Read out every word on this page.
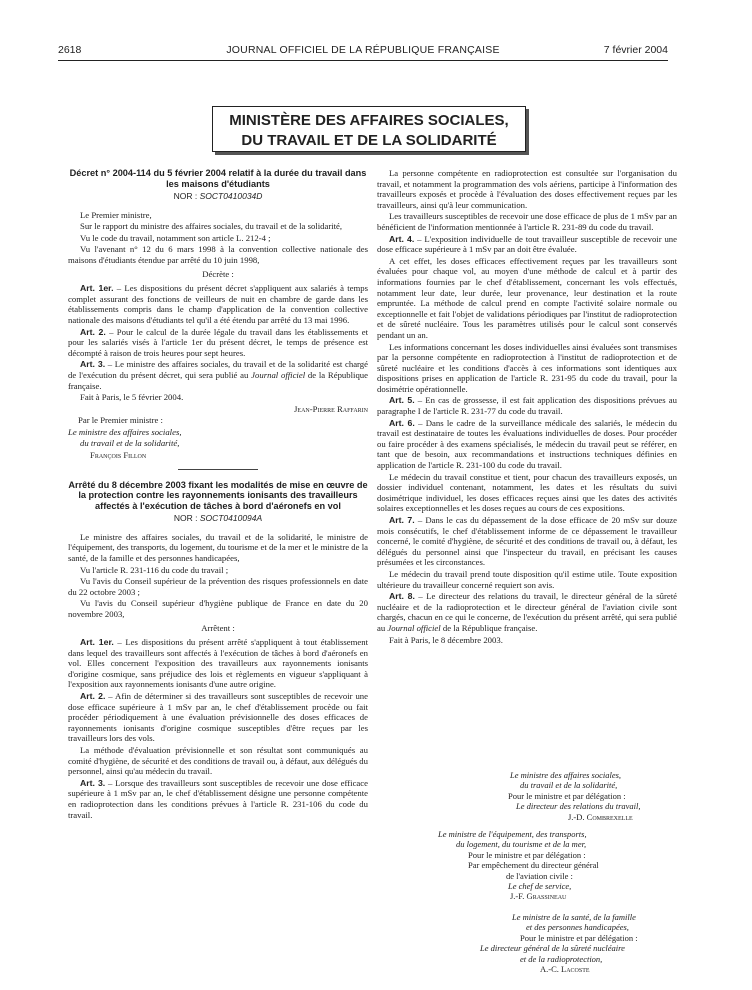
2618	JOURNAL OFFICIEL DE LA RÉPUBLIQUE FRANÇAISE	7 février 2004
MINISTÈRE DES AFFAIRES SOCIALES,
DU TRAVAIL ET DE LA SOLIDARITÉ

Décret n° 2004-114 du 5 février 2004 relatif à la durée du travail dans les maisons d'étudiants

NOR : SOCT0410034D

Le Premier ministre,

Sur le rapport du ministre des affaires sociales, du travail et de la solidarité,

Vu le code du travail, notamment son article L. 212-4 ;

Vu l'avenant n° 12 du 6 mars 1998 à la convention collective nationale des maisons d'étudiants étendue par arrêté du 10 juin 1998,

Décrète :

Art. 1er. – Les dispositions du présent décret s'appliquent aux salariés à temps complet assurant des fonctions de veilleurs de nuit en chambre de garde dans les établissements compris dans le champ d'application de la convention collective nationale des maisons d'étudiants tel qu'il a été étendu par arrêté du 13 mai 1996.

Art. 2. – Pour le calcul de la durée légale du travail dans les établissements et pour les salariés visés à l'article 1er du présent décret, le temps de présence est décompté à raison de trois heures pour sept heures.

Art. 3. – Le ministre des affaires sociales, du travail et de la solidarité est chargé de l'exécution du présent décret, qui sera publié au Journal officiel de la République française.

Fait à Paris, le 5 février 2004.

Jean-Pierre Raffarin

Par le Premier ministre :

Le ministre des affaires sociales,

du travail et de la solidarité,

François Fillon

Arrêté du 8 décembre 2003 fixant les modalités de mise en œuvre de la protection contre les rayonnements ionisants des travailleurs affectés à l'exécution de tâches à bord d'aéronefs en vol

NOR : SOCT0410094A

Le ministre des affaires sociales, du travail et de la solidarité, le ministre de l'équipement, des transports, du logement, du tourisme et de la mer et le ministre de la santé, de la famille et des personnes handicapées,

Vu l'article R. 231-116 du code du travail ;

Vu l'avis du Conseil supérieur de la prévention des risques professionnels en date du 22 octobre 2003 ;

Vu l'avis du Conseil supérieur d'hygiène publique de France en date du 20 novembre 2003,

Arrêtent :

Art. 1er. – Les dispositions du présent arrêté s'appliquent à tout établissement dans lequel des travailleurs sont affectés à l'exécution de tâches à bord d'aéronefs en vol. Elles concernent l'exposition des travailleurs aux rayonnements ionisants d'origine cosmique, sans préjudice des lois et règlements en vigueur s'appliquant à l'exposition aux rayonnements ionisants d'une autre origine.

Art. 2. – Afin de déterminer si des travailleurs sont susceptibles de recevoir une dose efficace supérieure à 1 mSv par an, le chef d'établissement procède ou fait procéder périodiquement à une évaluation prévisionnelle des doses efficaces de rayonnements ionisants d'origine cosmique susceptibles d'être reçues par les travailleurs lors des vols.

La méthode d'évaluation prévisionnelle et son résultat sont communiqués au comité d'hygiène, de sécurité et des conditions de travail ou, à défaut, aux délégués du personnel, ainsi qu'au médecin du travail.

Art. 3. – Lorsque des travailleurs sont susceptibles de recevoir une dose efficace supérieure à 1 mSv par an, le chef d'établissement désigne une personne compétente en radioprotection dans les conditions prévues à l'article R. 231-106 du code du travail.

La personne compétente en radioprotection est consultée sur l'organisation du travail, et notamment la programmation des vols aériens, participe à l'information des travailleurs exposés et procède à l'évaluation des doses effectivement reçues par les travailleurs, ainsi qu'à leur communication.

Les travailleurs susceptibles de recevoir une dose efficace de plus de 1 mSv par an bénéficient de l'information mentionnée à l'article R. 231-89 du code du travail.

Art. 4. – L'exposition individuelle de tout travailleur susceptible de recevoir une dose efficace supérieure à 1 mSv par an doit être évaluée.

A cet effet, les doses efficaces effectivement reçues par les travailleurs sont évaluées pour chaque vol, au moyen d'une méthode de calcul et à partir des informations fournies par le chef d'établissement, concernant les vols effectués, notamment leur date, leur durée, leur provenance, leur destination et la route empruntée. La méthode de calcul prend en compte l'activité solaire normale ou exceptionnelle et fait l'objet de validations périodiques par l'institut de radioprotection et de sûreté nucléaire. Tous les paramètres utilisés pour le calcul sont conservés pendant un an.

Les informations concernant les doses individuelles ainsi évaluées sont transmises par la personne compétente en radioprotection à l'institut de radioprotection et de sûreté nucléaire et les conditions d'accès à ces informations sont identiques aux dispositions prises en application de l'article R. 231-95 du code du travail, pour la dosimétrie opérationnelle.

Art. 5. – En cas de grossesse, il est fait application des dispositions prévues au paragraphe I de l'article R. 231-77 du code du travail.

Art. 6. – Dans le cadre de la surveillance médicale des salariés, le médecin du travail est destinataire de toutes les évaluations individuelles de doses. Pour procéder ou faire procéder à des examens spécialisés, le médecin du travail peut se référer, en tant que de besoin, aux recommandations et instructions techniques définies en application de l'article R. 231-100 du code du travail.

Le médecin du travail constitue et tient, pour chacun des travailleurs exposés, un dossier individuel contenant, notamment, les dates et les résultats du suivi dosimétrique individuel, les doses efficaces reçues ainsi que les dates des activités solaires exceptionnelles et les doses reçues au cours de ces expositions.

Art. 7. – Dans le cas du dépassement de la dose efficace de 20 mSv sur douze mois consécutifs, le chef d'établissement informe de ce dépassement le travailleur concerné, le comité d'hygiène, de sécurité et des conditions de travail ou, à défaut, les délégués du personnel ainsi que l'inspecteur du travail, en précisant les causes présumées et les circonstances.

Le médecin du travail prend toute disposition qu'il estime utile. Toute exposition ultérieure du travailleur concerné requiert son avis.

Art. 8. – Le directeur des relations du travail, le directeur général de la sûreté nucléaire et de la radioprotection et le directeur général de l'aviation civile sont chargés, chacun en ce qui le concerne, de l'exécution du présent arrêté, qui sera publié au Journal officiel de la République française.

Fait à Paris, le 8 décembre 2003.

Le ministre des affaires sociales,
du travail et de la solidarité,
Pour le ministre et par délégation :
Le directeur des relations du travail,
J.-D. Combrexelle
Le ministre de l'équipement, des transports,
du logement, du tourisme et de la mer,
Pour le ministre et par délégation :
Par empêchement du directeur général
de l'aviation civile :
Le chef de service,
J.-F. Grassineau
Le ministre de la santé, de la famille
et des personnes handicapées,
Pour le ministre et par délégation :
Le directeur général de la sûreté nucléaire
et de la radioprotection,
A.-C. Lacoste
